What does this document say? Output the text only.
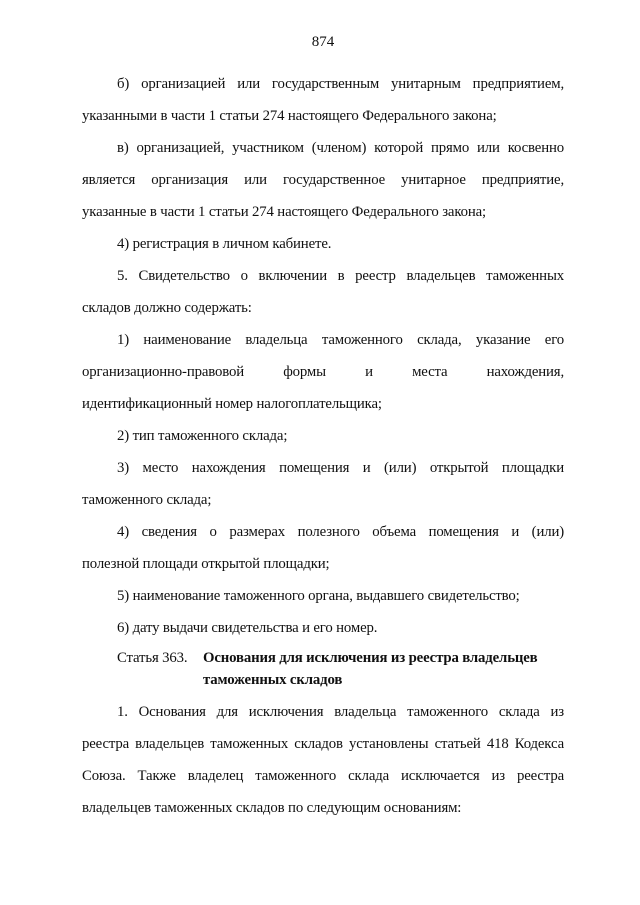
874
б) организацией или государственным унитарным предприятием,
указанными в части 1 статьи 274 настоящего Федерального закона;
в) организацией, участником (членом) которой прямо или косвенно
является организация или государственное унитарное предприятие,
указанные в части 1 статьи 274 настоящего Федерального закона;
4) регистрация в личном кабинете.
5. Свидетельство о включении в реестр владельцев таможенных
складов должно содержать:
1) наименование владельца таможенного склада, указание его
организационно-правовой формы и места нахождения,
идентификационный номер налогоплательщика;
2) тип таможенного склада;
3) место нахождения помещения и (или) открытой площадки
таможенного склада;
4) сведения о размерах полезного объема помещения и (или)
полезной площади открытой площадки;
5) наименование таможенного органа, выдавшего свидетельство;
6) дату выдачи свидетельства и его номер.
Статья 363.	Основания для исключения из реестра владельцев
таможенных складов
1. Основания для исключения владельца таможенного склада из
реестра владельцев таможенных складов установлены статьей 418 Кодекса
Союза. Также владелец таможенного склада исключается из реестра
владельцев таможенных складов по следующим основаниям:
